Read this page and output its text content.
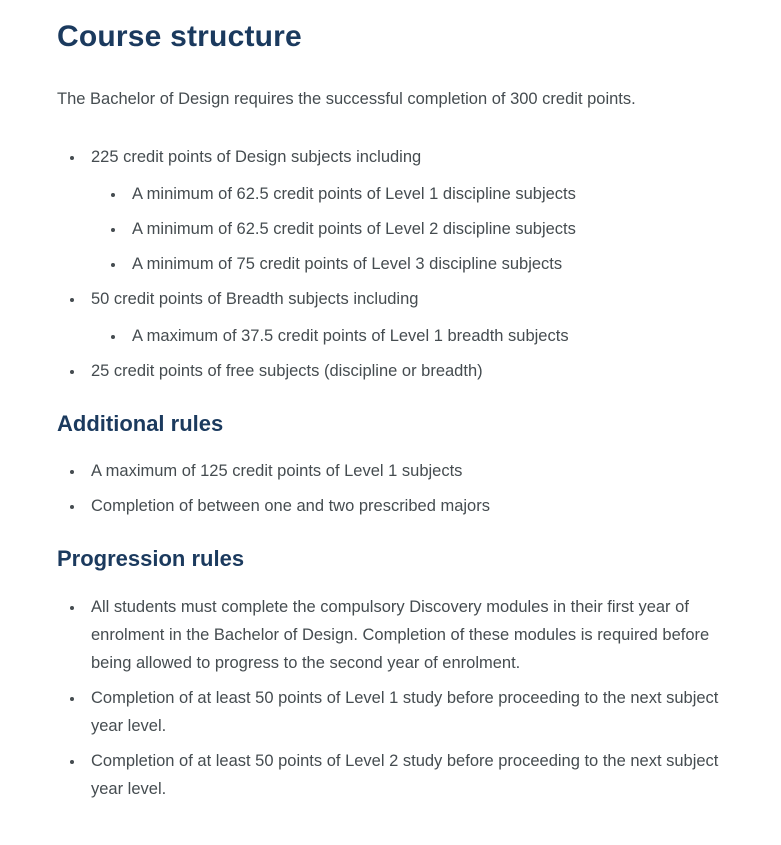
Course structure

The Bachelor of Design requires the successful completion of 300 credit points.

• 225 credit points of Design subjects including
• A minimum of 62.5 credit points of Level 1 discipline subjects
• A minimum of 62.5 credit points of Level 2 discipline subjects
• A minimum of 75 credit points of Level 3 discipline subjects
• 50 credit points of Breadth subjects including
• A maximum of 37.5 credit points of Level 1 breadth subjects
• 25 credit points of free subjects (discipline or breadth)
Additional rules
• A maximum of 125 credit points of Level 1 subjects
• Completion of between one and two prescribed majors
Progression rules
• All students must complete the compulsory Discovery modules in their first year of enrolment in the Bachelor of Design. Completion of these modules is required before being allowed to progress to the second year of enrolment.
• Completion of at least 50 points of Level 1 study before proceeding to the next subject year level.
• Completion of at least 50 points of Level 2 study before proceeding to the next subject year level.
